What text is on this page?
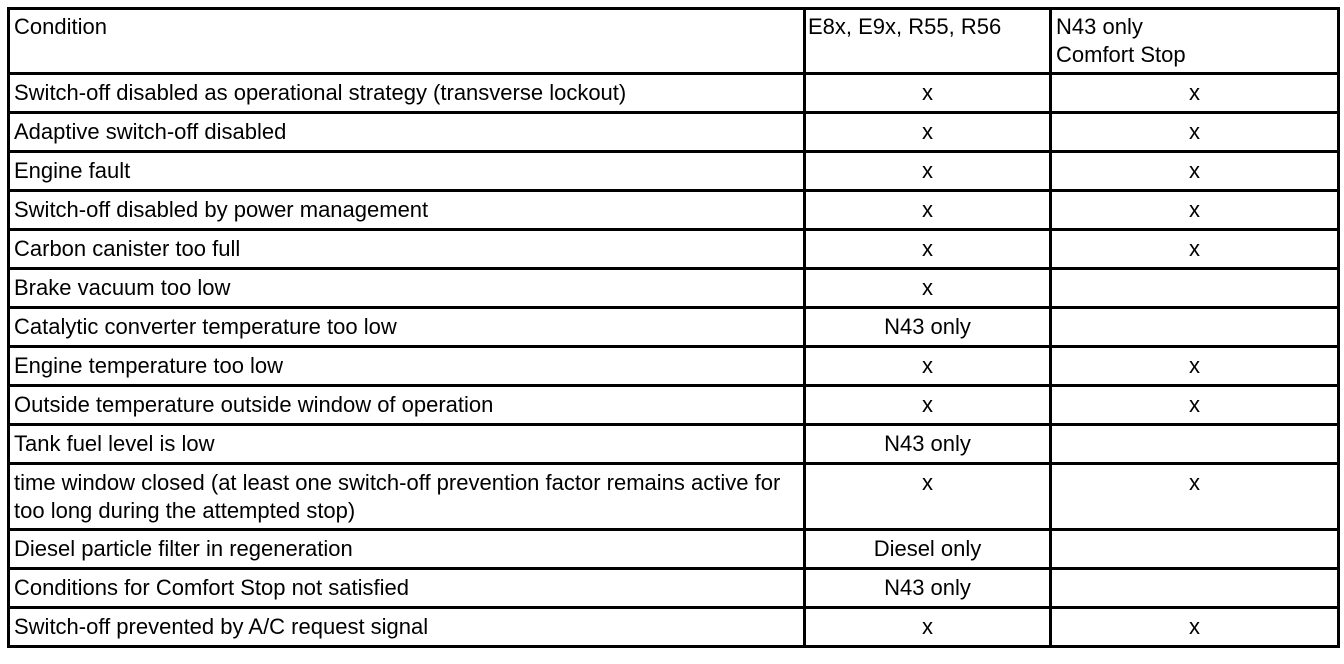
Condition	E8x, E9x, R55, R56	N43 only
Comfort Stop

Switch-off disabled as operational strategy (transverse lockout)	x	x
Adaptive switch-off disabled	x	x
Engine fault	x	x
Switch-off disabled by power management	x	x
Carbon canister too full	x	x
Brake vacuum too low	x	
Catalytic converter temperature too low	N43 only	
Engine temperature too low	x	x
Outside temperature outside window of operation	x	x
Tank fuel level is low	N43 only	
time window closed (at least one switch-off prevention factor remains active for too long during the attempted stop)	x	x
Diesel particle filter in regeneration	Diesel only	
Conditions for Comfort Stop not satisfied	N43 only	
Switch-off prevented by A/C request signal	x	x
